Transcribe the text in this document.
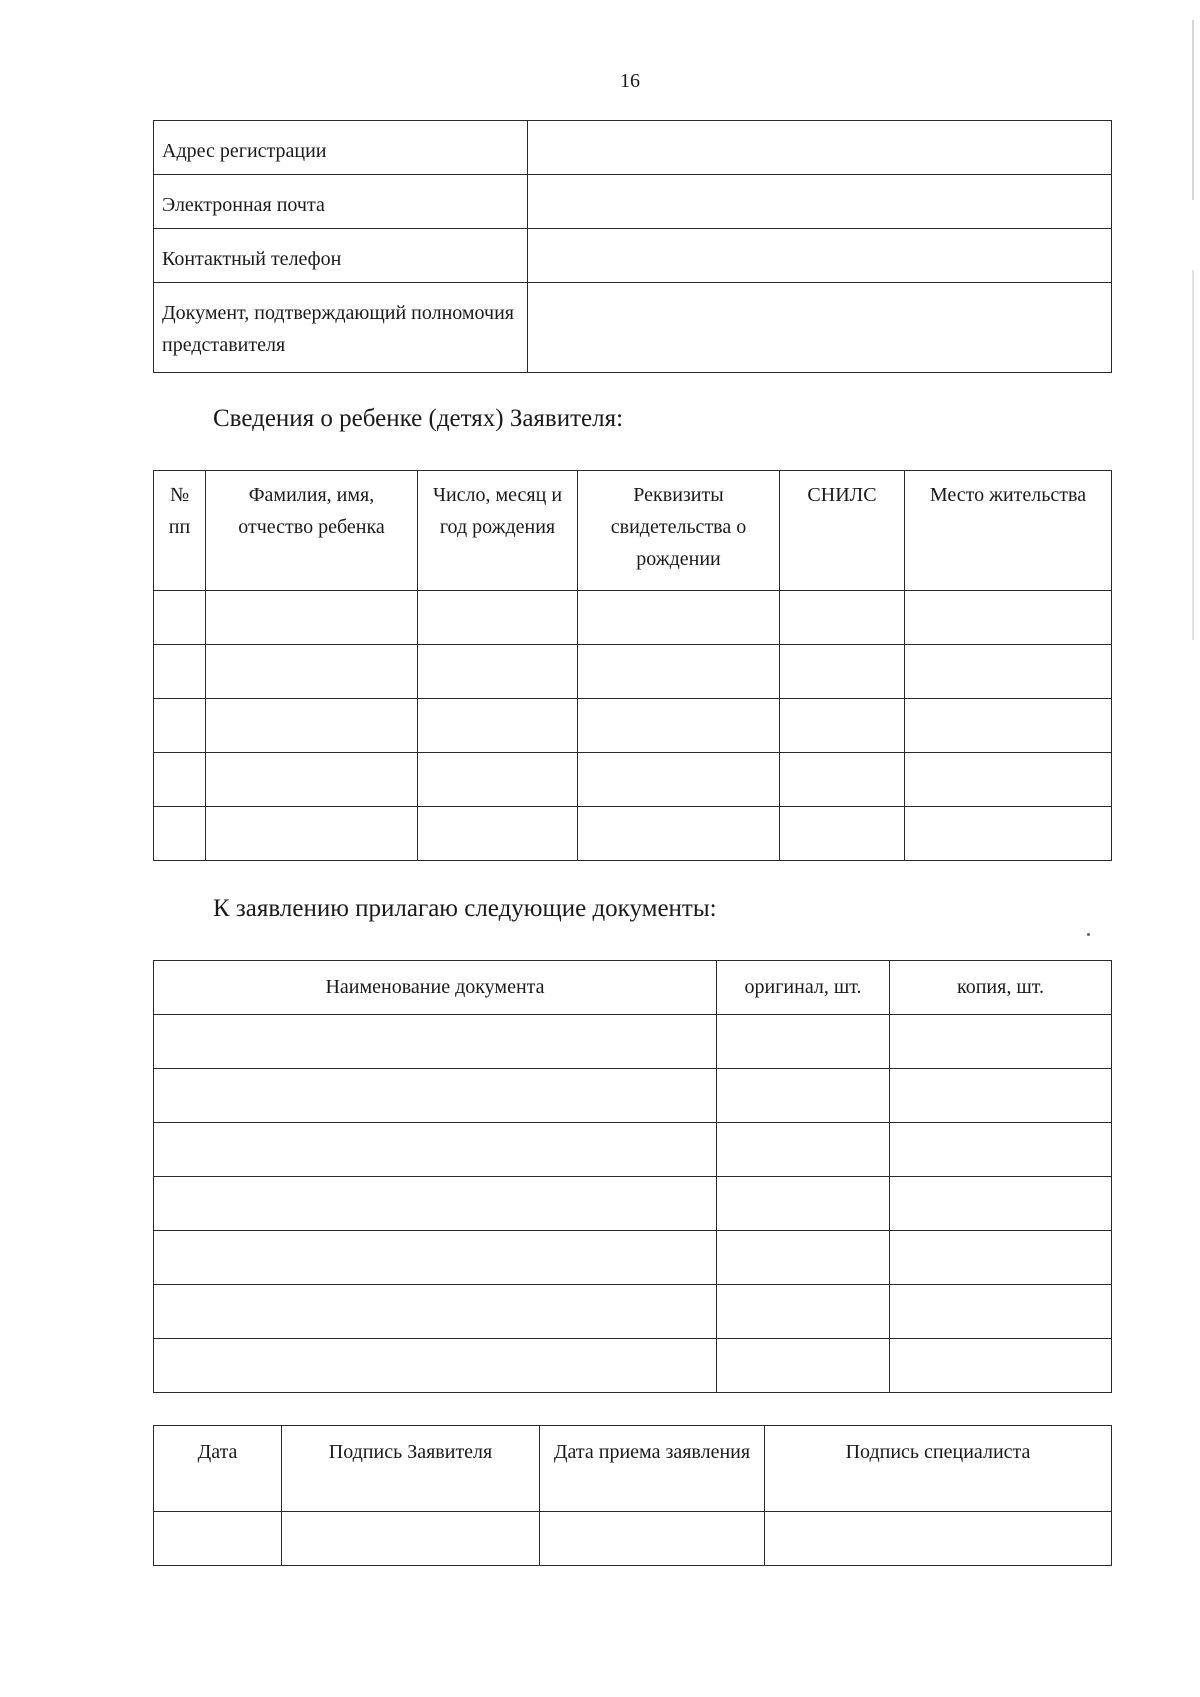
16
Адрес регистрации	
Электронная почта	
Контактный телефон	
Документ, подтверждающий полномочия представителя	
Сведения о ребенке (детях) Заявителя:
№ пп	Фамилия, имя, отчество ребенка	Число, месяц и год рождения	Реквизиты свидетельства о рождении	СНИЛС	Место жительства

К заявлению прилагаю следующие документы:
Наименование документа	оригинал, шт.	копия, шт.

Дата	Подпись Заявителя	Дата приема заявления	Подпись специалиста
